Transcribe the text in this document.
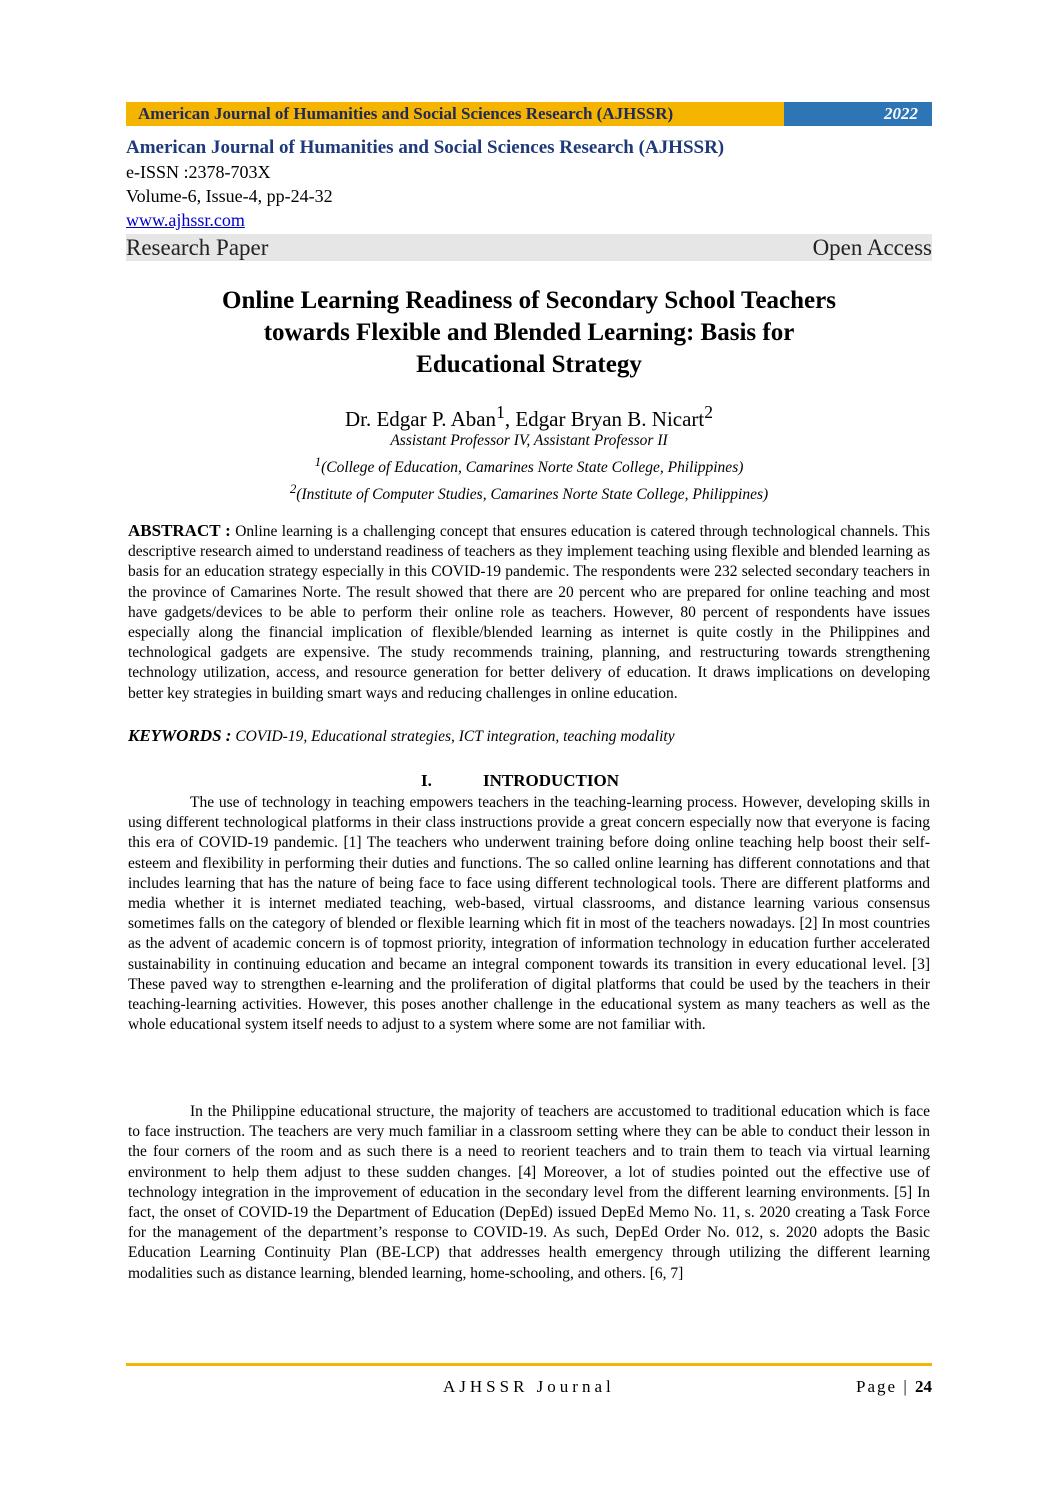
American Journal of Humanities and Social Sciences Research (AJHSSR)	2022
American Journal of Humanities and Social Sciences Research (AJHSSR)
e-ISSN :2378-703X
Volume-6, Issue-4, pp-24-32
www.ajhssr.com
Research Paper	Open Access
Online Learning Readiness of Secondary School Teachers
towards Flexible and Blended Learning: Basis for
Educational Strategy
Dr. Edgar P. Aban$^1$, Edgar Bryan B. Nicart$^2$
Assistant Professor IV, Assistant Professor II
$^1$(College of Education, Camarines Norte State College, Philippines)
$^2$(Institute of Computer Studies, Camarines Norte State College, Philippines)
ABSTRACT : Online learning is a challenging concept that ensures education is catered through technological channels. This descriptive research aimed to understand readiness of teachers as they implement teaching using flexible and blended learning as basis for an education strategy especially in this COVID-19 pandemic. The respondents were 232 selected secondary teachers in the province of Camarines Norte. The result showed that there are 20 percent who are prepared for online teaching and most have gadgets/devices to be able to perform their online role as teachers. However, 80 percent of respondents have issues especially along the financial implication of flexible/blended learning as internet is quite costly in the Philippines and technological gadgets are expensive. The study recommends training, planning, and restructuring towards strengthening technology utilization, access, and resource generation for better delivery of education. It draws implications on developing better key strategies in building smart ways and reducing challenges in online education.
KEYWORDS : COVID-19, Educational strategies, ICT integration, teaching modality
I.	INTRODUCTION
The use of technology in teaching empowers teachers in the teaching-learning process. However, developing skills in using different technological platforms in their class instructions provide a great concern especially now that everyone is facing this era of COVID-19 pandemic. [1] The teachers who underwent training before doing online teaching help boost their self-esteem and flexibility in performing their duties and functions. The so called online learning has different connotations and that includes learning that has the nature of being face to face using different technological tools. There are different platforms and media whether it is internet mediated teaching, web-based, virtual classrooms, and distance learning various consensus sometimes falls on the category of blended or flexible learning which fit in most of the teachers nowadays. [2] In most countries as the advent of academic concern is of topmost priority, integration of information technology in education further accelerated sustainability in continuing education and became an integral component towards its transition in every educational level. [3] These paved way to strengthen e-learning and the proliferation of digital platforms that could be used by the teachers in their teaching-learning activities. However, this poses another challenge in the educational system as many teachers as well as the whole educational system itself needs to adjust to a system where some are not familiar with.
In the Philippine educational structure, the majority of teachers are accustomed to traditional education which is face to face instruction. The teachers are very much familiar in a classroom setting where they can be able to conduct their lesson in the four corners of the room and as such there is a need to reorient teachers and to train them to teach via virtual learning environment to help them adjust to these sudden changes. [4] Moreover, a lot of studies pointed out the effective use of technology integration in the improvement of education in the secondary level from the different learning environments. [5] In fact, the onset of COVID-19 the Department of Education (DepEd) issued DepEd Memo No. 11, s. 2020 creating a Task Force for the management of the department’s response to COVID-19. As such, DepEd Order No. 012, s. 2020 adopts the Basic Education Learning Continuity Plan (BE-LCP) that addresses health emergency through utilizing the different learning modalities such as distance learning, blended learning, home-schooling, and others. [6, 7]
AJHSSR Journal	Page | 24
